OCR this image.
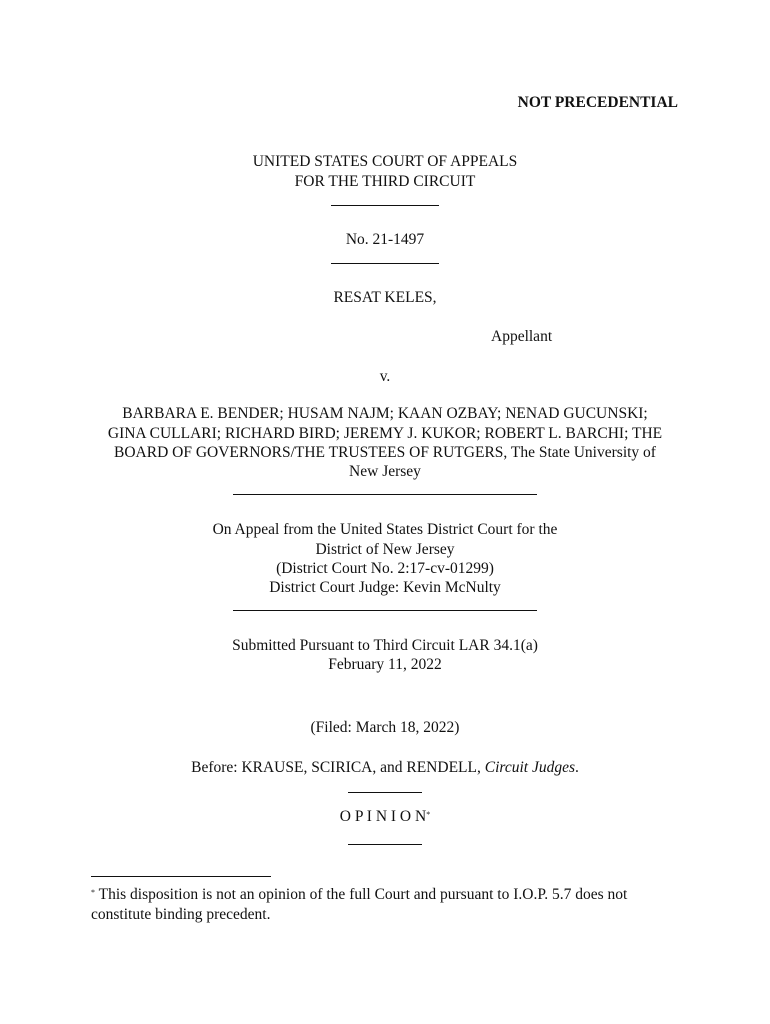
NOT PRECEDENTIAL
UNITED STATES COURT OF APPEALS
FOR THE THIRD CIRCUIT
No. 21-1497
RESAT KELES,
Appellant
v.
BARBARA E. BENDER; HUSAM NAJM; KAAN OZBAY; NENAD GUCUNSKI;
GINA CULLARI; RICHARD BIRD; JEREMY J. KUKOR; ROBERT L. BARCHI; THE
BOARD OF GOVERNORS/THE TRUSTEES OF RUTGERS, The State University of
New Jersey
On Appeal from the United States District Court for the
District of New Jersey
(District Court No. 2:17-cv-01299)
District Court Judge: Kevin McNulty
Submitted Pursuant to Third Circuit LAR 34.1(a)
February 11, 2022
(Filed: March 18, 2022)
Before: KRAUSE, SCIRICA, and RENDELL, Circuit Judges.
O P I N I O N*
* This disposition is not an opinion of the full Court and pursuant to I.O.P. 5.7 does not
constitute binding precedent.
